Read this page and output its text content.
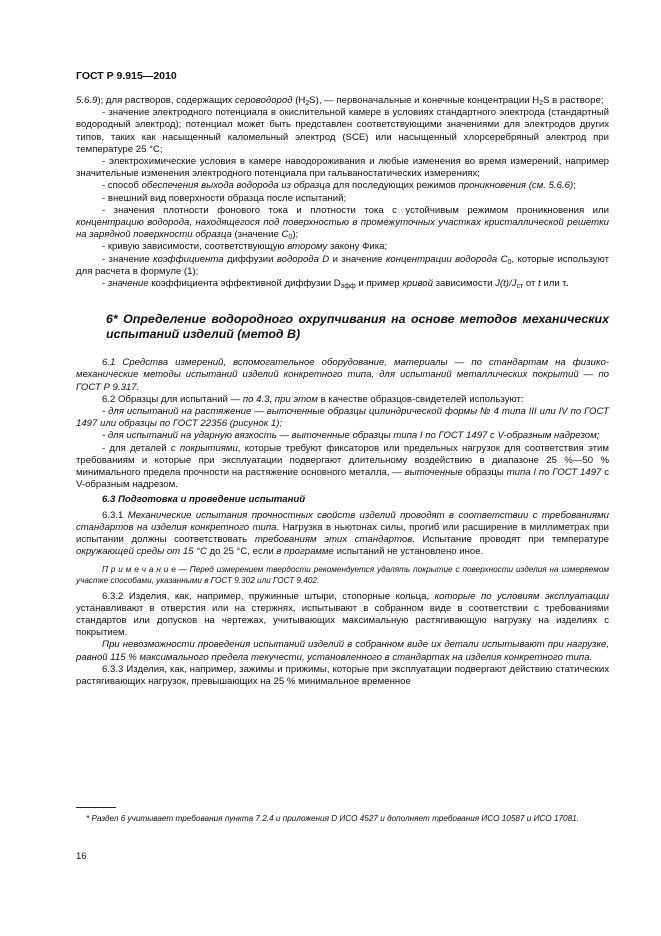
ГОСТ Р 9.915—2010

5.6.9); для растворов, содержащих сероводород $(H_2S)$, — первоначальные и конечные концентрации $H_2S$ в растворе;

- значение электродного потенциала в окислительной камере в условиях стандартного электрода (стандартный водородный электрод); потенциал может быть представлен соответствующими значениями для электродов других типов, таких как насыщенный каломельный электрод (SCE) или насыщенный хлорсеребряный электрод при температуре 25 °С;

- электрохимические условия в камере наводороживания и любые изменения во время измерений, например значительные изменения электродного потенциала при гальваностатических измерениях;

- способ обеспечения выхода водорода из образца для последующих режимов проникновения (см. 5.6.6);

- внешний вид поверхности образца после испытаний;

- значения плотности фонового тока и плотности тока с устойчивым режимом проникновения или концентрацию водорода, находящегося под поверхностью в промежуточных участках кристаллической решетки на зарядной поверхности образца (значение $C_0$);

- кривую зависимости, соответствующую второму закону Фика;

- значение коэффициента диффузии водорода D и значение концентрации водорода $C_0$, которые используют для расчета в формуле (1);

- значение коэффициента эффективной диффузии $D_{эфф}$ и пример кривой зависимости $J(t)/J_{ст}$ от t или τ.

6* Определение водородного охрупчивания на основе методов механических испытаний изделий (метод В)

6.1 Средства измерений, вспомогательное оборудование, материалы — по стандартам на физико-механические методы испытаний изделий конкретного типа, для испытаний металлических покрытий — по ГОСТ Р 9.317.

6.2 Образцы для испытаний — по 4.3, при этом в качестве образцов-свидетелей используют:

- для испытаний на растяжение — выточенные образцы цилиндрической формы № 4 типа III или IV по ГОСТ 1497 или образцы по ГОСТ 22356 (рисунок 1);

- для испытаний на ударную вязкость — выточенные образцы типа I по ГОСТ 1497 с V-образным надрезом;

- для деталей с покрытиями, которые требуют фиксаторов или предельных нагрузок для соответствия этим требованиям и которые при эксплуатации подвергают длительному воздействию в диапазоне 25 %—50 % минимального предела прочности на растяжение основного металла, — выточенные образцы типа I по ГОСТ 1497 с V-образным надрезом.

6.3 Подготовка и проведение испытаний

6.3.1 Механические испытания прочностных свойств изделий проводят в соответствии с требованиями стандартов на изделия конкретного типа. Нагрузка в ньютонах силы, прогиб или расширение в миллиметрах при испытании должны соответствовать требованиям этих стандартов. Испытание проводят при температуре окружающей среды от 15 °С до 25 °С, если в программе испытаний не установлено иное.

П р и м е ч а н и е — Перед измерением твердости рекомендуется удалять покрытие с поверхности изделия на измеряемом участке способами, указанными в ГОСТ 9.302 или ГОСТ 9.402.

6.3.2 Изделия, как, например, пружинные штыри, стопорные кольца, которые по условиям эксплуатации устанавливают в отверстия или на стержнях, испытывают в собранном виде в соответствии с требованиями стандартов или допусков на чертежах, учитывающих максимальную растягивающую нагрузку на изделиях с покрытием.

При невозможности проведения испытаний изделий в собранном виде их детали испытывают при нагрузке, равной 115 % максимального предела текучести, установленного в стандартах на изделия конкретного типа.

6.3.3 Изделия, как, например, зажимы и прижимы, которые при эксплуатации подвергают действию статических растягивающих нагрузок, превышающих на 25 % минимальное временное

* Раздел 6 учитывает требования пункта 7.2.4 и приложения D ИСО 4527 и дополняет требования ИСО 10587 и ИСО 17081.
16
